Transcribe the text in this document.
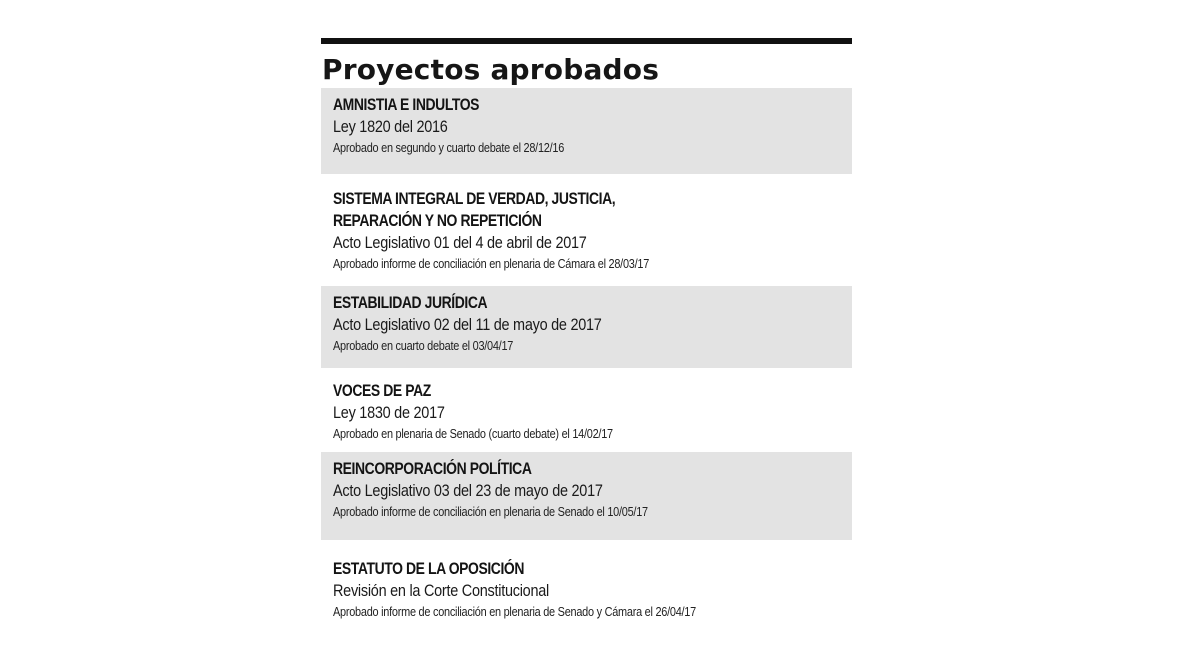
Proyectos aprobados
AMNISTIA E INDULTOS
Ley 1820 del 2016
Aprobado en segundo y cuarto debate el 28/12/16
SISTEMA INTEGRAL DE VERDAD, JUSTICIA,
REPARACIÓN Y NO REPETICIÓN
Acto Legislativo 01 del 4 de abril de 2017
Aprobado informe de conciliación en plenaria de Cámara el 28/03/17
ESTABILIDAD JURÍDICA
Acto Legislativo 02 del 11 de mayo de 2017
Aprobado en cuarto debate el 03/04/17
VOCES DE PAZ
Ley 1830 de 2017
Aprobado en plenaria de Senado (cuarto debate) el 14/02/17
REINCORPORACIÓN POLÍTICA
Acto Legislativo 03 del 23 de mayo de 2017
Aprobado informe de conciliación en plenaria de Senado el 10/05/17
ESTATUTO DE LA OPOSICIÓN
Revisión en la Corte Constitucional
Aprobado informe de conciliación en plenaria de Senado y Cámara el 26/04/17
